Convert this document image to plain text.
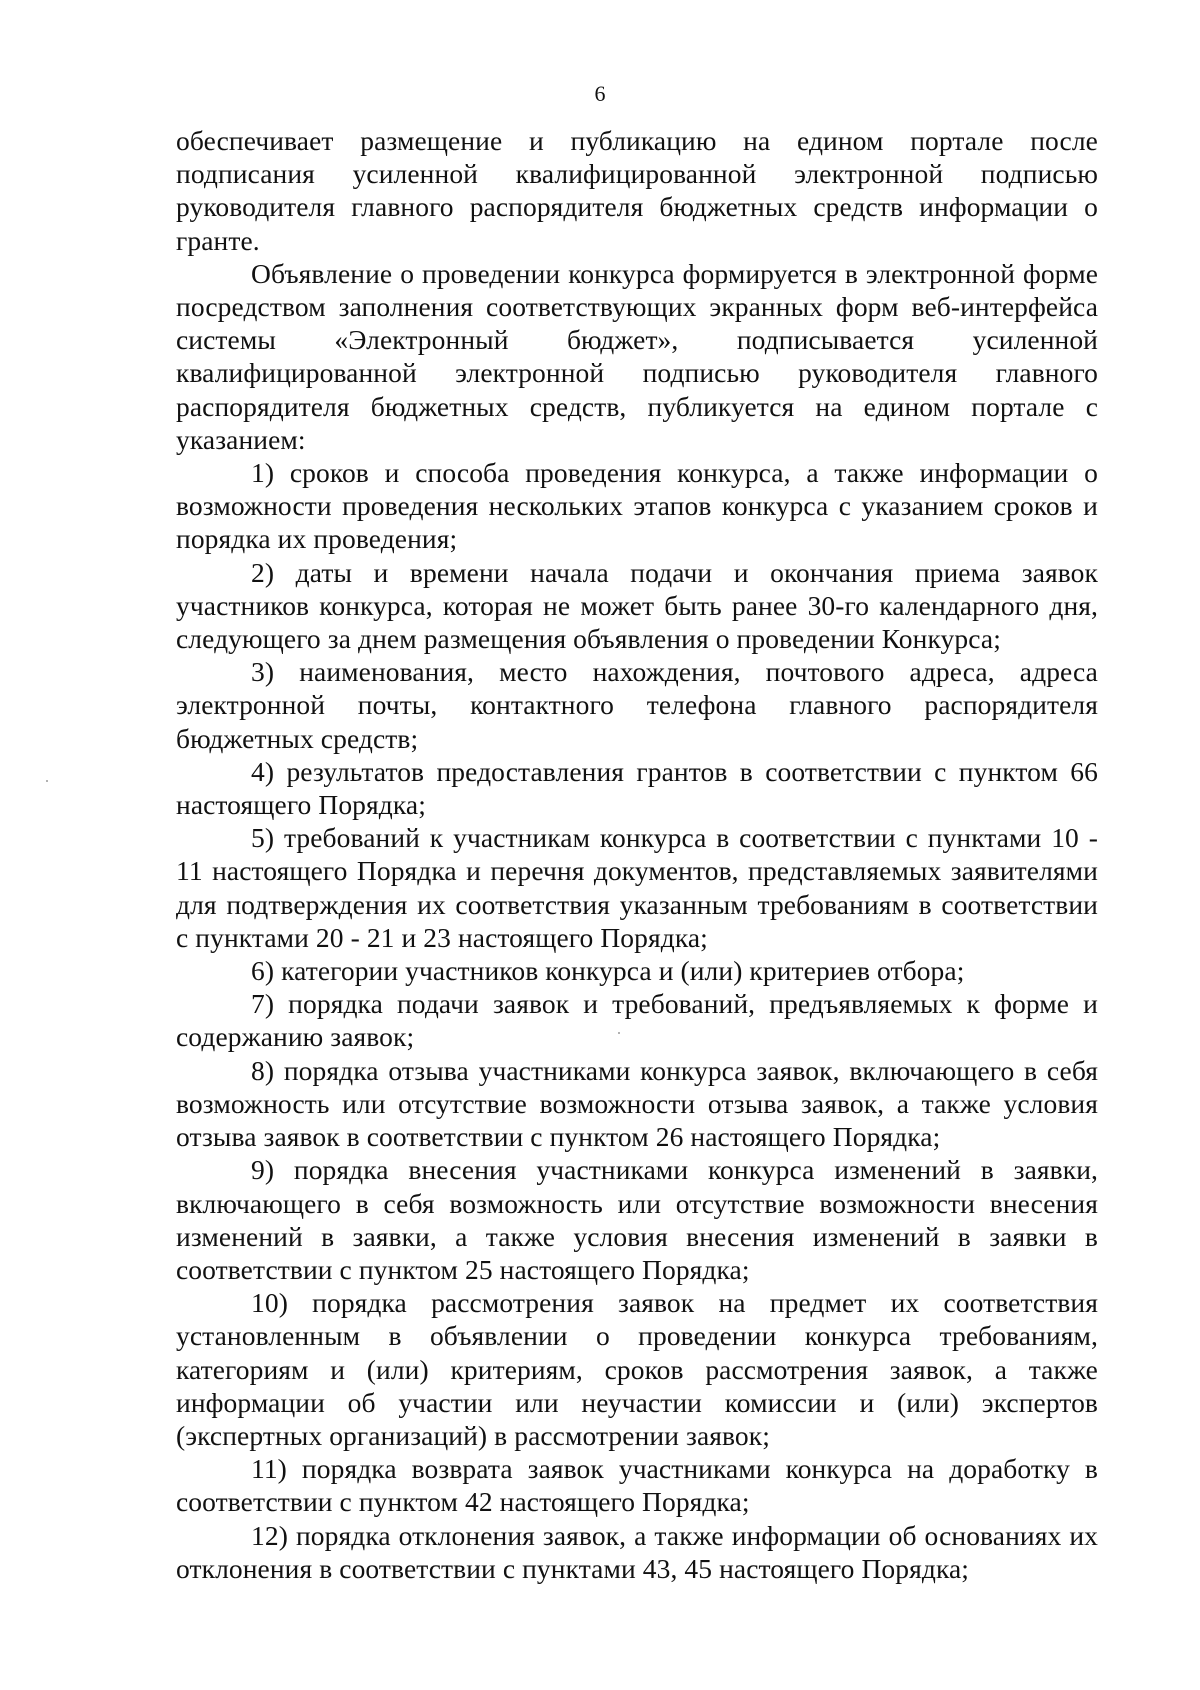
6

обеспечивает размещение и публикацию на едином портале после подписания усиленной квалифицированной электронной подписью руководителя главного распорядителя бюджетных средств информации о гранте.

Объявление о проведении конкурса формируется в электронной форме посредством заполнения соответствующих экранных форм веб-интерфейса системы «Электронный бюджет», подписывается усиленной квалифицированной электронной подписью руководителя главного распорядителя бюджетных средств, публикуется на едином портале с указанием:

1) сроков и способа проведения конкурса, а также информации о возможности проведения нескольких этапов конкурса с указанием сроков и порядка их проведения;

2) даты и времени начала подачи и окончания приема заявок участников конкурса, которая не может быть ранее 30-го календарного дня, следующего за днем размещения объявления о проведении Конкурса;

3) наименования, место нахождения, почтового адреса, адреса электронной почты, контактного телефона главного распорядителя бюджетных средств;

4) результатов предоставления грантов в соответствии с пунктом 66 настоящего Порядка;

5) требований к участникам конкурса в соответствии с пунктами 10 - 11 настоящего Порядка и перечня документов, представляемых заявителями для подтверждения их соответствия указанным требованиям в соответствии с пунктами 20 - 21 и 23 настоящего Порядка;

6) категории участников конкурса и (или) критериев отбора;

7) порядка подачи заявок и требований, предъявляемых к форме и содержанию заявок;

8) порядка отзыва участниками конкурса заявок, включающего в себя возможность или отсутствие возможности отзыва заявок, а также условия отзыва заявок в соответствии с пунктом 26 настоящего Порядка;

9) порядка внесения участниками конкурса изменений в заявки, включающего в себя возможность или отсутствие возможности внесения изменений в заявки, а также условия внесения изменений в заявки в соответствии с пунктом 25 настоящего Порядка;

10) порядка рассмотрения заявок на предмет их соответствия установленным в объявлении о проведении конкурса требованиям, категориям и (или) критериям, сроков рассмотрения заявок, а также информации об участии или неучастии комиссии и (или) экспертов (экспертных организаций) в рассмотрении заявок;

11) порядка возврата заявок участниками конкурса на доработку в соответствии с пунктом 42 настоящего Порядка;

12) порядка отклонения заявок, а также информации об основаниях их отклонения в соответствии с пунктами 43, 45 настоящего Порядка;
